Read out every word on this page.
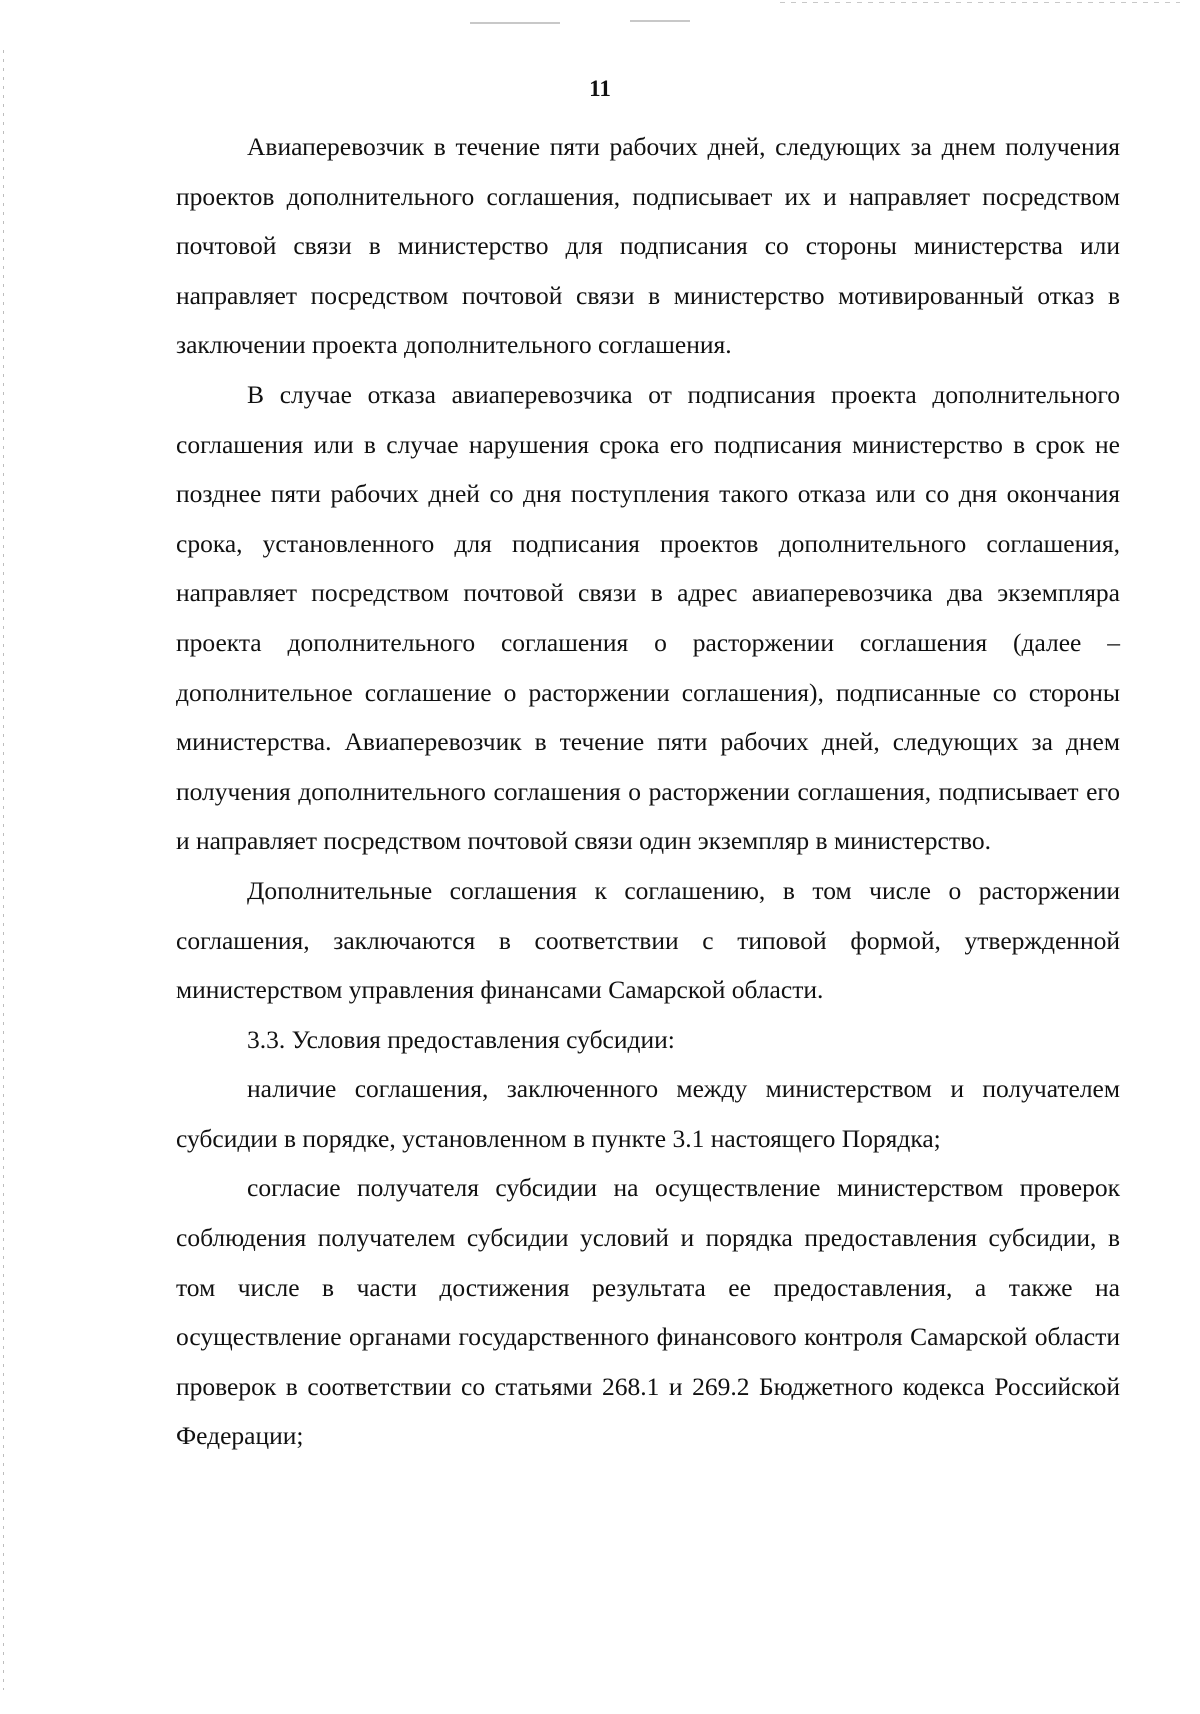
11

Авиаперевозчик в течение пяти рабочих дней, следующих за днем получения проектов дополнительного соглашения, подписывает их и направляет посредством почтовой связи в министерство для подписания со стороны министерства или направляет посредством почтовой связи в министерство мотивированный отказ в заключении проекта дополнительного соглашения.

В случае отказа авиаперевозчика от подписания проекта дополнительного соглашения или в случае нарушения срока его подписания министерство в срок не позднее пяти рабочих дней со дня поступления такого отказа или со дня окончания срока, установленного для подписания проектов дополнительного соглашения, направляет посредством почтовой связи в адрес авиаперевозчика два экземпляра проекта дополнительного соглашения о расторжении соглашения (далее – дополнительное соглашение о расторжении соглашения), подписанные со стороны министерства. Авиаперевозчик в течение пяти рабочих дней, следующих за днем получения дополнительного соглашения о расторжении соглашения, подписывает его и направляет посредством почтовой связи один экземпляр в министерство.

Дополнительные соглашения к соглашению, в том числе о расторжении соглашения, заключаются в соответствии с типовой формой, утвержденной министерством управления финансами Самарской области.

3.3. Условия предоставления субсидии:

наличие соглашения, заключенного между министерством и получателем субсидии в порядке, установленном в пункте 3.1 настоящего Порядка;

согласие получателя субсидии на осуществление министерством проверок соблюдения получателем субсидии условий и порядка предоставления субсидии, в том числе в части достижения результата ее предоставления, а также на осуществление органами государственного финансового контроля Самарской области проверок в соответствии со статьями 268.1 и 269.2 Бюджетного кодекса Российской Федерации;
